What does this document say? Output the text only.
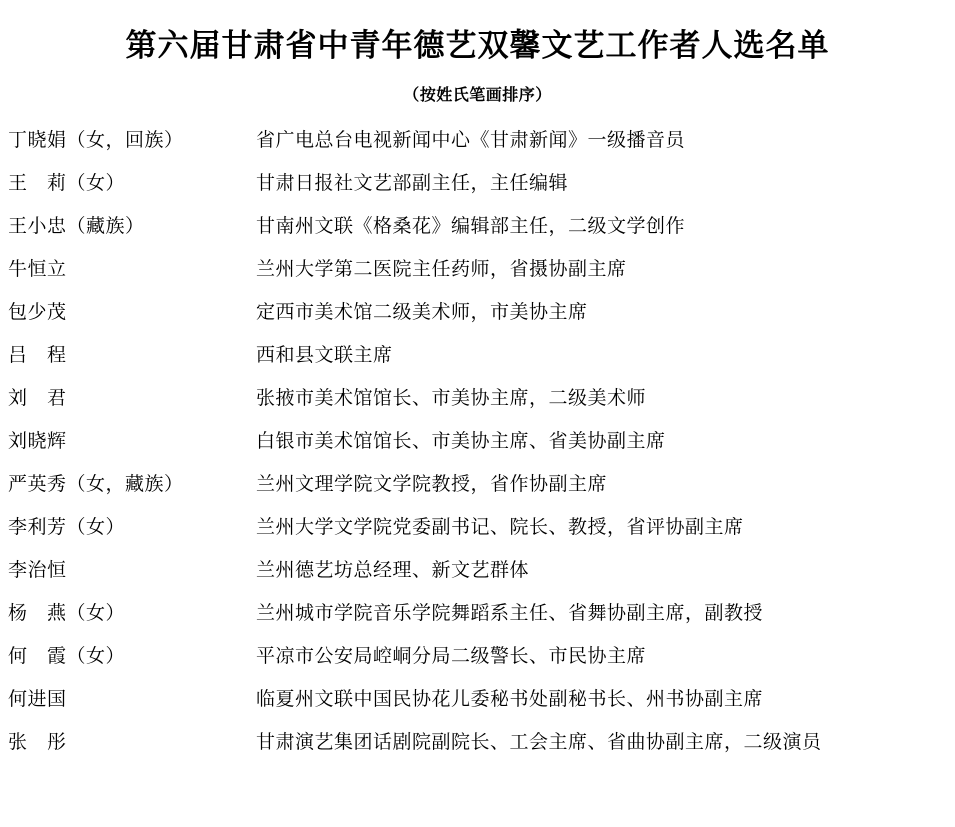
第六届甘肃省中青年德艺双馨文艺工作者人选名单
（按姓氏笔画排序）
丁晓娟（女，回族）	省广电总台电视新闻中心《甘肃新闻》一级播音员
王　莉（女）	甘肃日报社文艺部副主任，主任编辑
王小忠（藏族）	甘南州文联《格桑花》编辑部主任，二级文学创作
牛恒立	兰州大学第二医院主任药师，省摄协副主席
包少茂	定西市美术馆二级美术师，市美协主席
吕　程	西和县文联主席
刘　君	张掖市美术馆馆长、市美协主席，二级美术师
刘晓辉	白银市美术馆馆长、市美协主席、省美协副主席
严英秀（女，藏族）	兰州文理学院文学院教授，省作协副主席
李利芳（女）	兰州大学文学院党委副书记、院长、教授，省评协副主席
李治恒	兰州德艺坊总经理、新文艺群体
杨　燕（女）	兰州城市学院音乐学院舞蹈系主任、省舞协副主席，副教授
何　霞（女）	平凉市公安局崆峒分局二级警长、市民协主席
何进国	临夏州文联中国民协花儿委秘书处副秘书长、州书协副主席
张　彤	甘肃演艺集团话剧院副院长、工会主席、省曲协副主席，二级演员
